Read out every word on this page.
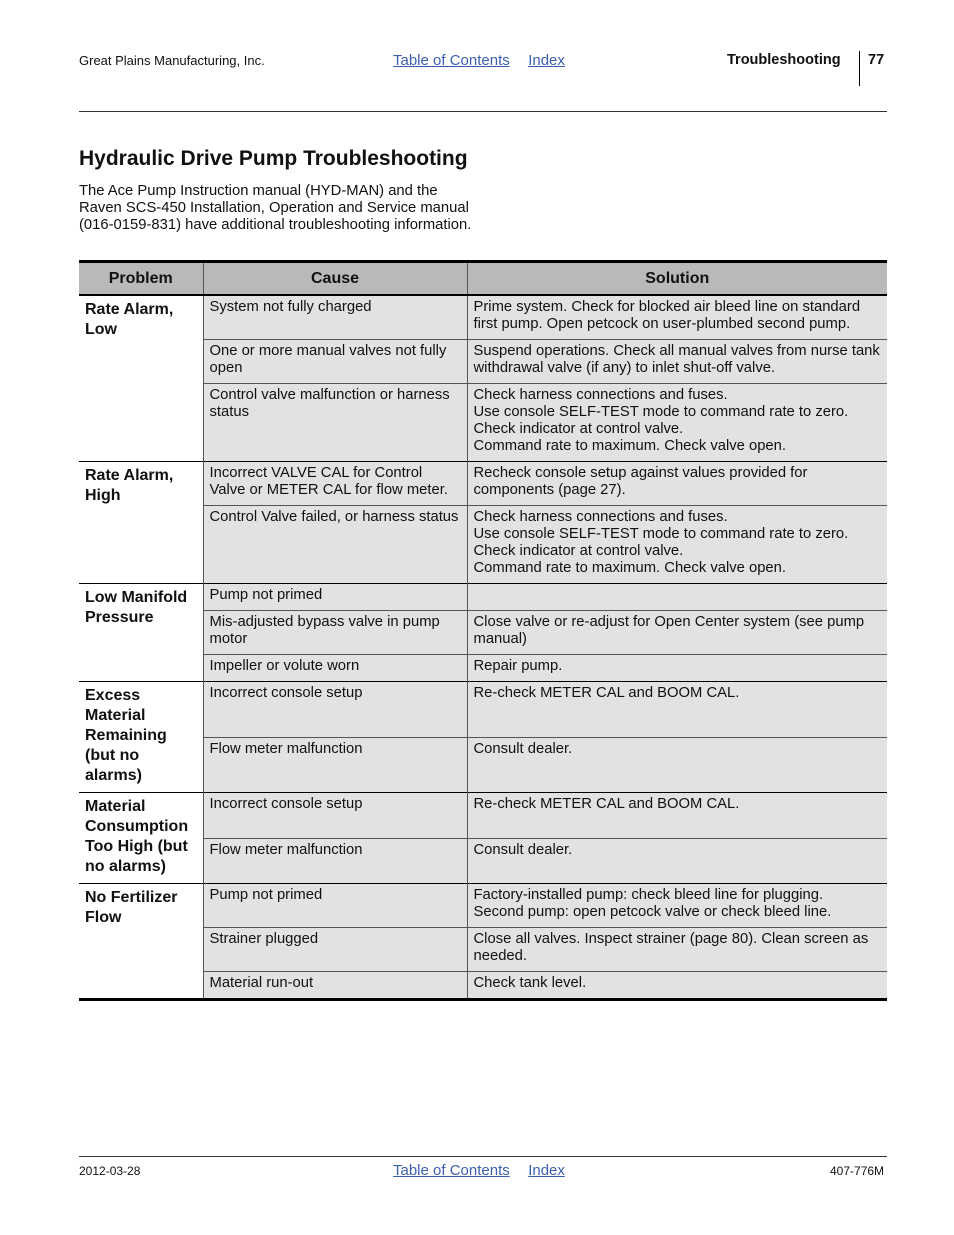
Great Plains Manufacturing, Inc.	Table of Contents Index	Troubleshooting 77
Hydraulic Drive Pump Troubleshooting

The Ace Pump Instruction manual (HYD-MAN) and the Raven SCS-450 Installation, Operation and Service manual (016-0159-831) have additional troubleshooting information.

Problem	Cause	Solution
Rate Alarm, Low	System not fully charged	Prime system. Check for blocked air bleed line on standard first pump. Open petcock on user-plumbed second pump.
	One or more manual valves not fully open	Suspend operations. Check all manual valves from nurse tank withdrawal valve (if any) to inlet shut-off valve.
	Control valve malfunction or harness status	Check harness connections and fuses.
Use console SELF-TEST mode to command rate to zero. Check indicator at control valve.
Command rate to maximum. Check valve open.
Rate Alarm, High	Incorrect VALVE CAL for Control Valve or METER CAL for flow meter.	Recheck console setup against values provided for components (page 27).
	Control Valve failed, or harness status	Check harness connections and fuses.
Use console SELF-TEST mode to command rate to zero. Check indicator at control valve.
Command rate to maximum. Check valve open.
Low Manifold Pressure	Pump not primed	
	Mis-adjusted bypass valve in pump motor	Close valve or re-adjust for Open Center system (see pump manual)
	Impeller or volute worn	Repair pump.
Excess Material Remaining (but no alarms)	Incorrect console setup	Re-check METER CAL and BOOM CAL.
	Flow meter malfunction	Consult dealer.
Material Consumption Too High (but no alarms)	Incorrect console setup	Re-check METER CAL and BOOM CAL.
	Flow meter malfunction	Consult dealer.
No Fertilizer Flow	Pump not primed	Factory-installed pump: check bleed line for plugging.
Second pump: open petcock valve or check bleed line.
	Strainer plugged	Close all valves. Inspect strainer (page 80). Clean screen as needed.
	Material run-out	Check tank level.
2012-03-28	Table of Contents Index	407-776M
